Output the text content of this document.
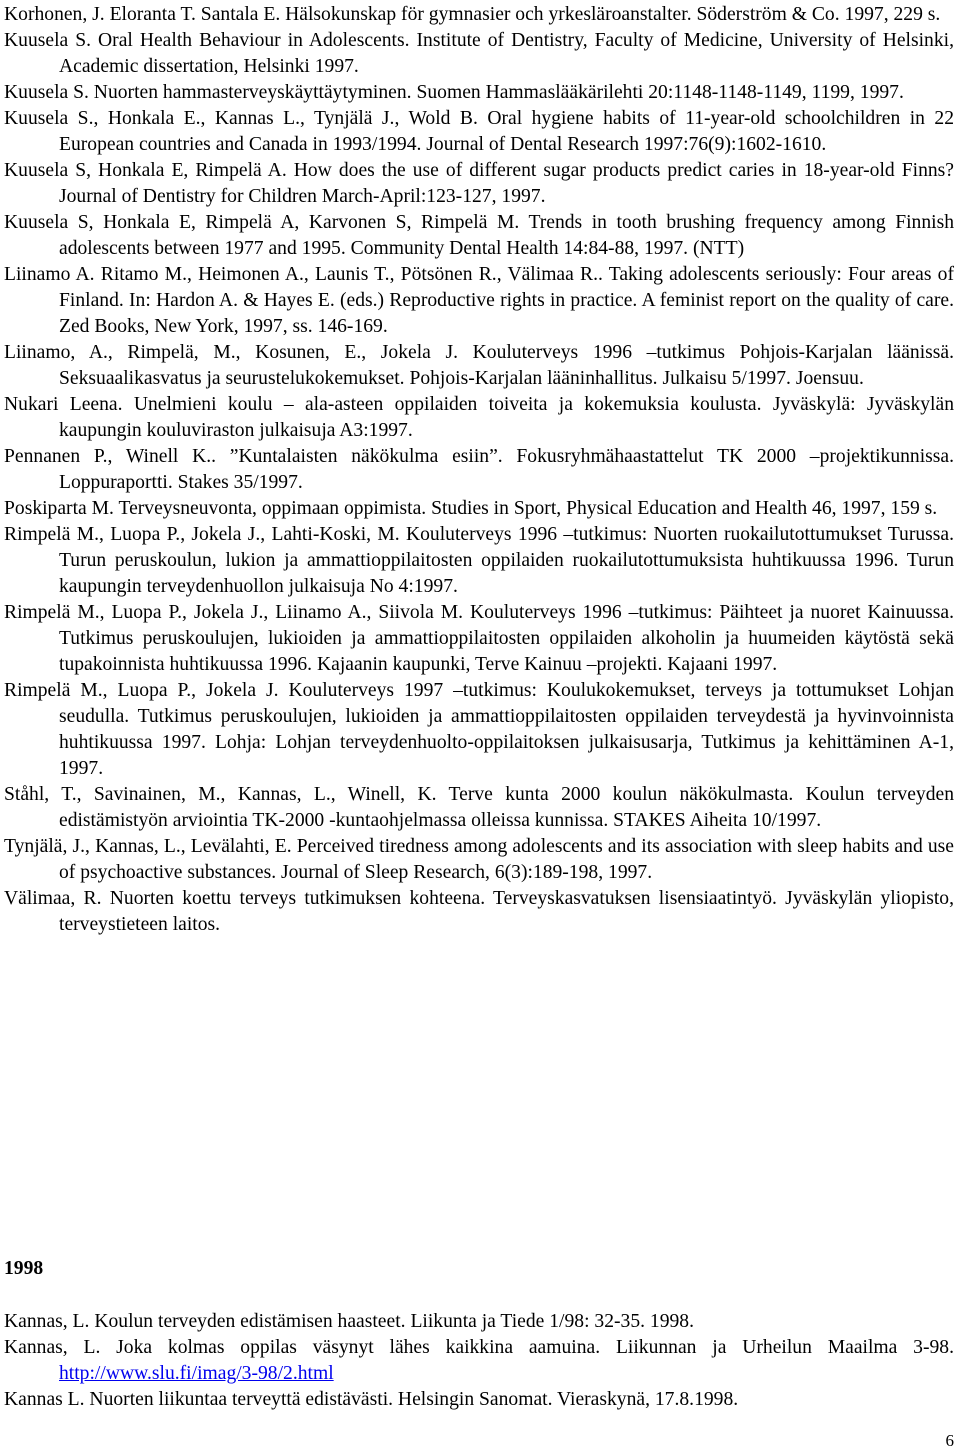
Korhonen, J. Eloranta T. Santala E. Hälsokunskap för gymnasier och yrkesläroanstalter. Söderström & Co. 1997, 229 s.

Kuusela S. Oral Health Behaviour in Adolescents. Institute of Dentistry, Faculty of Medicine, University of Helsinki, Academic dissertation, Helsinki 1997.

Kuusela S. Nuorten hammasterveyskäyttäytyminen. Suomen Hammaslääkärilehti 20:1148-1148-1149, 1199, 1997.

Kuusela S., Honkala E., Kannas L., Tynjälä J., Wold B. Oral hygiene habits of 11-year-old schoolchildren in 22 European countries and Canada in 1993/1994. Journal of Dental Research 1997:76(9):1602-1610.

Kuusela S, Honkala E, Rimpelä A. How does the use of different sugar products predict caries in 18-year-old Finns? Journal of Dentistry for Children March-April:123-127, 1997.

Kuusela S, Honkala E, Rimpelä A, Karvonen S, Rimpelä M. Trends in tooth brushing frequency among Finnish adolescents between 1977 and 1995. Community Dental Health 14:84-88, 1997. (NTT)

Liinamo A. Ritamo M., Heimonen A., Launis T., Pötsönen R., Välimaa R.. Taking adolescents seriously: Four areas of Finland. In: Hardon A. & Hayes E. (eds.) Reproductive rights in practice. A feminist report on the quality of care. Zed Books, New York, 1997, ss. 146-169.

Liinamo, A., Rimpelä, M., Kosunen, E., Jokela J. Kouluterveys 1996 –tutkimus Pohjois-Karjalan läänissä. Seksuaalikasvatus ja seurustelukokemukset. Pohjois-Karjalan lääninhallitus. Julkaisu 5/1997. Joensuu.

Nukari Leena. Unelmieni koulu – ala-asteen oppilaiden toiveita ja kokemuksia koulusta. Jyväskylä: Jyväskylän kaupungin kouluviraston julkaisuja A3:1997.

Pennanen P., Winell K.. ”Kuntalaisten näkökulma esiin”. Fokusryhmähaastattelut TK 2000 –projektikunnissa. Loppuraportti. Stakes 35/1997.

Poskiparta M. Terveysneuvonta, oppimaan oppimista. Studies in Sport, Physical Education and Health 46, 1997, 159 s.

Rimpelä M., Luopa P., Jokela J., Lahti-Koski, M. Kouluterveys 1996 –tutkimus: Nuorten ruokailutottumukset Turussa. Turun peruskoulun, lukion ja ammattioppilaitosten oppilaiden ruokailutottumuksista huhtikuussa 1996. Turun kaupungin terveydenhuollon julkaisuja No 4:1997.

Rimpelä M., Luopa P., Jokela J., Liinamo A., Siivola M. Kouluterveys 1996 –tutkimus: Päihteet ja nuoret Kainuussa. Tutkimus peruskoulujen, lukioiden ja ammattioppilaitosten oppilaiden alkoholin ja huumeiden käytöstä sekä tupakoinnista huhtikuussa 1996. Kajaanin kaupunki, Terve Kainuu –projekti. Kajaani 1997.

Rimpelä M., Luopa P., Jokela J. Kouluterveys 1997 –tutkimus: Koulukokemukset, terveys ja tottumukset Lohjan seudulla. Tutkimus peruskoulujen, lukioiden ja ammattioppilaitosten oppilaiden terveydestä ja hyvinvoinnista huhtikuussa 1997. Lohja: Lohjan terveydenhuolto-oppilaitoksen julkaisusarja, Tutkimus ja kehittäminen A-1, 1997.

Ståhl, T., Savinainen, M., Kannas, L., Winell, K. Terve kunta 2000 koulun näkökulmasta. Koulun terveyden edistämistyön arviointia TK-2000 -kuntaohjelmassa olleissa kunnissa. STAKES Aiheita 10/1997.

Tynjälä, J., Kannas, L., Levälahti, E. Perceived tiredness among adolescents and its association with sleep habits and use of psychoactive substances. Journal of Sleep Research, 6(3):189-198, 1997.

Välimaa, R. Nuorten koettu terveys tutkimuksen kohteena. Terveyskasvatuksen lisensiaatintyö. Jyväskylän yliopisto, terveystieteen laitos.

1998

Kannas, L. Koulun terveyden edistämisen haasteet. Liikunta ja Tiede 1/98: 32-35. 1998.

Kannas, L. Joka kolmas oppilas väsynyt lähes kaikkina aamuina. Liikunnan ja Urheilun Maailma 3-98. http://www.slu.fi/imag/3-98/2.html

Kannas L. Nuorten liikuntaa terveyttä edistävästi. Helsingin Sanomat. Vieraskynä, 17.8.1998.

6
